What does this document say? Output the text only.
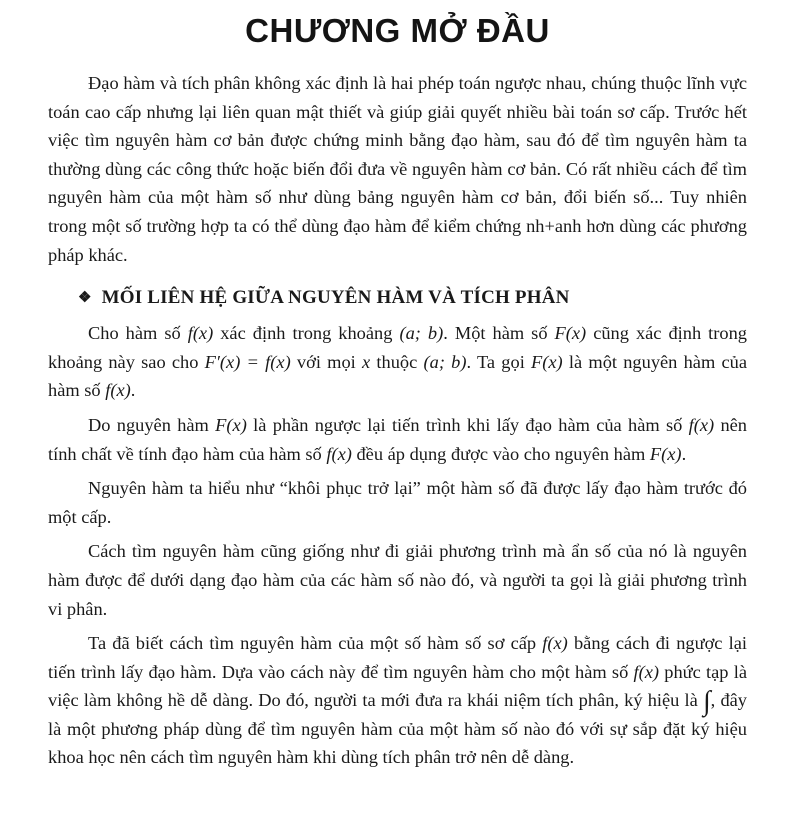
CHƯƠNG MỞ ĐẦU

Đạo hàm và tích phân không xác định là hai phép toán ngược nhau, chúng thuộc lĩnh vực toán cao cấp nhưng lại liên quan mật thiết và giúp giải quyết nhiều bài toán sơ cấp. Trước hết việc tìm nguyên hàm cơ bản được chứng minh bằng đạo hàm, sau đó để tìm nguyên hàm ta thường dùng các công thức hoặc biến đổi đưa về nguyên hàm cơ bản. Có rất nhiều cách để tìm nguyên hàm của một hàm số như dùng bảng nguyên hàm cơ bản, đổi biến số... Tuy nhiên trong một số trường hợp ta có thể dùng đạo hàm để kiểm chứng nh+anh hơn dùng các phương pháp khác.

❖ MỐI LIÊN HỆ GIỮA NGUYÊN HÀM VÀ TÍCH PHÂN

Cho hàm số f(x) xác định trong khoảng (a; b). Một hàm số F(x) cũng xác định trong khoảng này sao cho F′(x) = f(x) với mọi x thuộc (a; b). Ta gọi F(x) là một nguyên hàm của hàm số f(x).

Do nguyên hàm F(x) là phần ngược lại tiến trình khi lấy đạo hàm của hàm số f(x) nên tính chất về tính đạo hàm của hàm số f(x) đều áp dụng được vào cho nguyên hàm F(x).

Nguyên hàm ta hiểu như “khôi phục trở lại” một hàm số đã được lấy đạo hàm trước đó một cấp.

Cách tìm nguyên hàm cũng giống như đi giải phương trình mà ẩn số của nó là nguyên hàm được để dưới dạng đạo hàm của các hàm số nào đó, và người ta gọi là giải phương trình vi phân.

Ta đã biết cách tìm nguyên hàm của một số hàm số sơ cấp f(x) bằng cách đi ngược lại tiến trình lấy đạo hàm. Dựa vào cách này để tìm nguyên hàm cho một hàm số f(x) phức tạp là việc làm không hề dễ dàng. Do đó, người ta mới đưa ra khái niệm tích phân, ký hiệu là ∫, đây là một phương pháp dùng để tìm nguyên hàm của một hàm số nào đó với sự sắp đặt ký hiệu khoa học nên cách tìm nguyên hàm khi dùng tích phân trở nên dễ dàng.
